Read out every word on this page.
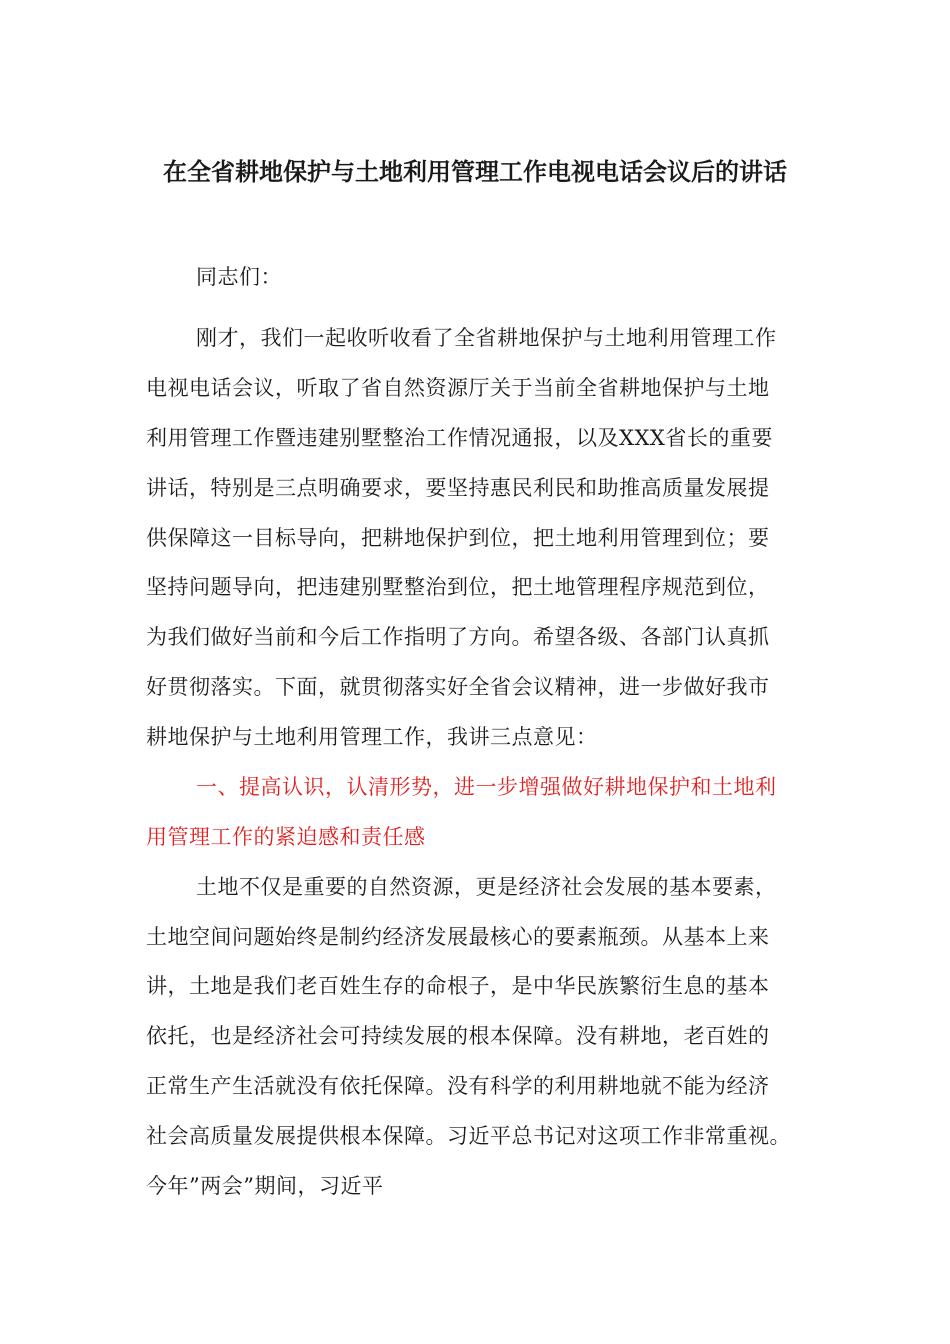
在全省耕地保护与土地利用管理工作电视电话会议后的讲话

同志们：

刚才，我们一起收听收看了全省耕地保护与土地利用管理工作

电视电话会议，听取了省自然资源厅关于当前全省耕地保护与土地

利用管理工作暨违建别墅整治工作情况通报，以及XXX省长的重要

讲话，特别是三点明确要求，要坚持惠民利民和助推高质量发展提

供保障这一目标导向，把耕地保护到位，把土地利用管理到位；要

坚持问题导向，把违建别墅整治到位，把土地管理程序规范到位，

为我们做好当前和今后工作指明了方向。希望各级、各部门认真抓

好贯彻落实。下面，就贯彻落实好全省会议精神，进一步做好我市

耕地保护与土地利用管理工作，我讲三点意见：

一、提高认识，认清形势，进一步增强做好耕地保护和土地利

用管理工作的紧迫感和责任感

土地不仅是重要的自然资源，更是经济社会发展的基本要素，

土地空间问题始终是制约经济发展最核心的要素瓶颈。从基本上来

讲，土地是我们老百姓生存的命根子，是中华民族繁衍生息的基本

依托，也是经济社会可持续发展的根本保障。没有耕地，老百姓的

正常生产生活就没有依托保障。没有科学的利用耕地就不能为经济

社会高质量发展提供根本保障。习近平总书记对这项工作非常重视。

今年”两会”期间，习近平
